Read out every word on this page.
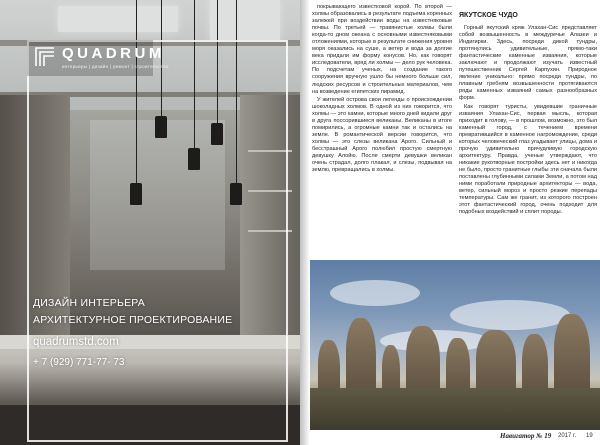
QUADRUM
интерьеры | дизайн | ремонт | строительство
ДИЗАЙН ИНТЕРЬЕРА
АРХИТЕКТУРНОЕ ПРОЕКТИРОВАНИЕ
quadrumstd.com
+ 7 (929) 771-77- 73

покрывающего известковой корой. По второй — холмы образовались в результате подъема коренных залежей при воздействии воды на известняковые почвы. По третьей — травянистые холмы были когда-то дном океана с основными известняковыми отложениями, которые в результате снижения уровня моря оказались на суше, а ветер и вода за долгие века придали им форму конусов. Но, как говорят исследователи, вряд ли холмы — дело рук человека. По подсчетам ученых, на создание такого сооружения вручную ушло бы немного больше сил, людских ресурсов и строительных материалов, чем на возведение египетских пирамид.

У жителей острова свои легенды о происхождении шоколадных холмов. В одной из них говорится, что холмы — это камни, которые много дней кидали друг в друга поссорившиеся великаны. Великаны в итоге помирились, а огромные камни так и остались на земле. В романтической версии говорится, что холмы — это слезы великана Арого. Сильный и бесстрашный Арого полюбил простую смертную девушку Алойю. После смерти девушки великан очень страдал, долго плакал, и слезы, подвывая на землю, превращались в холмы.

ЯКУТСКОЕ ЧУДО

Горный якутский кряж Улахан-Сис представляет собой возвышенность в междуречье Алазеи и Индигирки. Здесь, посреди дикой тундры, протянулись удивительные, прямо-таки фантастические каменные изваяния, которые заключают и продолжают изучать известный путешественник Сергей Карпухин. Природное явление уникально: прямо посреди тундры, по плавным гребням возвышенности протягиваются ряды каменных изваяний самых разнообразных форм.

Как говорят туристы, увидевшие граничные изваяния Улахан-Сис, первая мысль, которая приходит в голову, — в прошлом, возможно, это был каменный город, с течением времени превратившийся в каменное нагромождение, среди которых человеческий глаз угадывает улицы, дома и прочую удивительно причудливую городскую архитектуру. Правда, ученые утверждают, что никакие рукотворные постройки здесь нет и никогда не было, просто гранитные глыбы эти сначала были поставлены глубинными силами Земли, а потом над ними поработали природные архитекторы — вода, ветер, сильный мороз и просто резкие перепады температуры. Сам же гранит, из которого построен этот фантастический город, очень подходит для подобных воздействий и сплит породы.

Навигатор № 19 2017 г. 19
